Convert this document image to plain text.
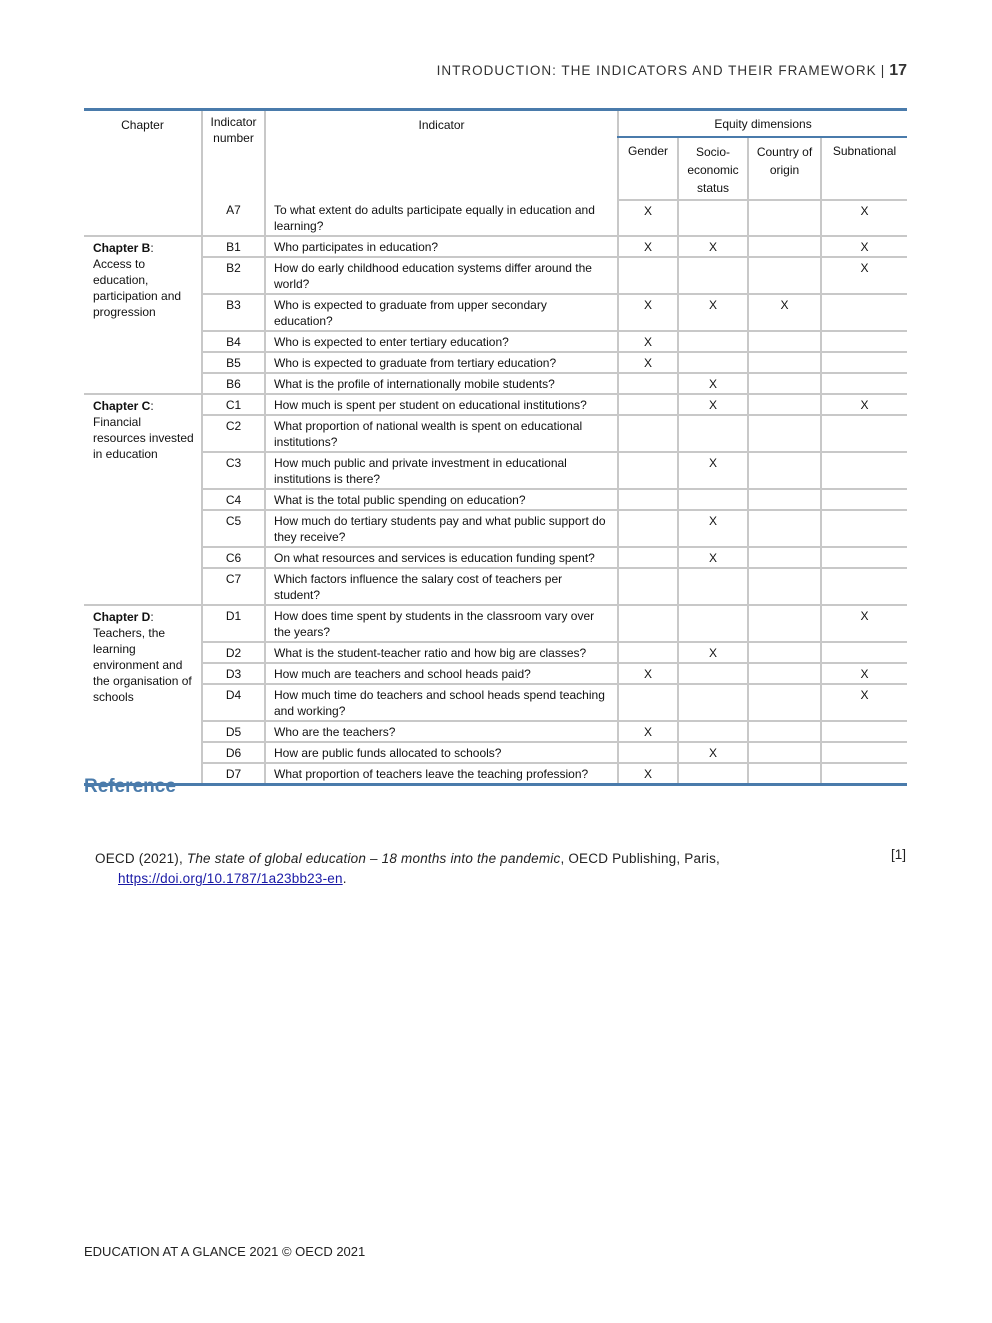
INTRODUCTION: THE INDICATORS AND THEIR FRAMEWORK | 17
Chapter	Indicator number	Indicator	Equity dimensions			
			Gender	Socio-economic status	Country of origin	Subnational
	A7	To what extent do adults participate equally in education and learning?	X			X
Chapter B:
Access to education, participation and progression	B1	Who participates in education?	X	X		X
	B2	How do early childhood education systems differ around the world?				X
	B3	Who is expected to graduate from upper secondary education?	X	X	X	
	B4	Who is expected to enter tertiary education?	X			
	B5	Who is expected to graduate from tertiary education?	X			
	B6	What is the profile of internationally mobile students?		X		
Chapter C:
Financial resources invested in education	C1	How much is spent per student on educational institutions?		X		X
	C2	What proportion of national wealth is spent on educational institutions?				
	C3	How much public and private investment in educational institutions is there?		X		
	C4	What is the total public spending on education?				
	C5	How much do tertiary students pay and what public support do they receive?		X		
	C6	On what resources and services is education funding spent?		X		
	C7	Which factors influence the salary cost of teachers per student?				
Chapter D:
Teachers, the learning environment and the organisation of schools	D1	How does time spent by students in the classroom vary over the years?				X
	D2	What is the student-teacher ratio and how big are classes?		X		
	D3	How much are teachers and school heads paid?	X			X
	D4	How much time do teachers and school heads spend teaching and working?				X
	D5	Who are the teachers?	X			
	D6	How are public funds allocated to schools?		X		
	D7	What proportion of teachers leave the teaching profession?	X			
Reference
OECD (2021), The state of global education – 18 months into the pandemic, OECD Publishing, Paris,
https://doi.org/10.1787/1a23bb23-en.
[1]
EDUCATION AT A GLANCE 2021 © OECD 2021
